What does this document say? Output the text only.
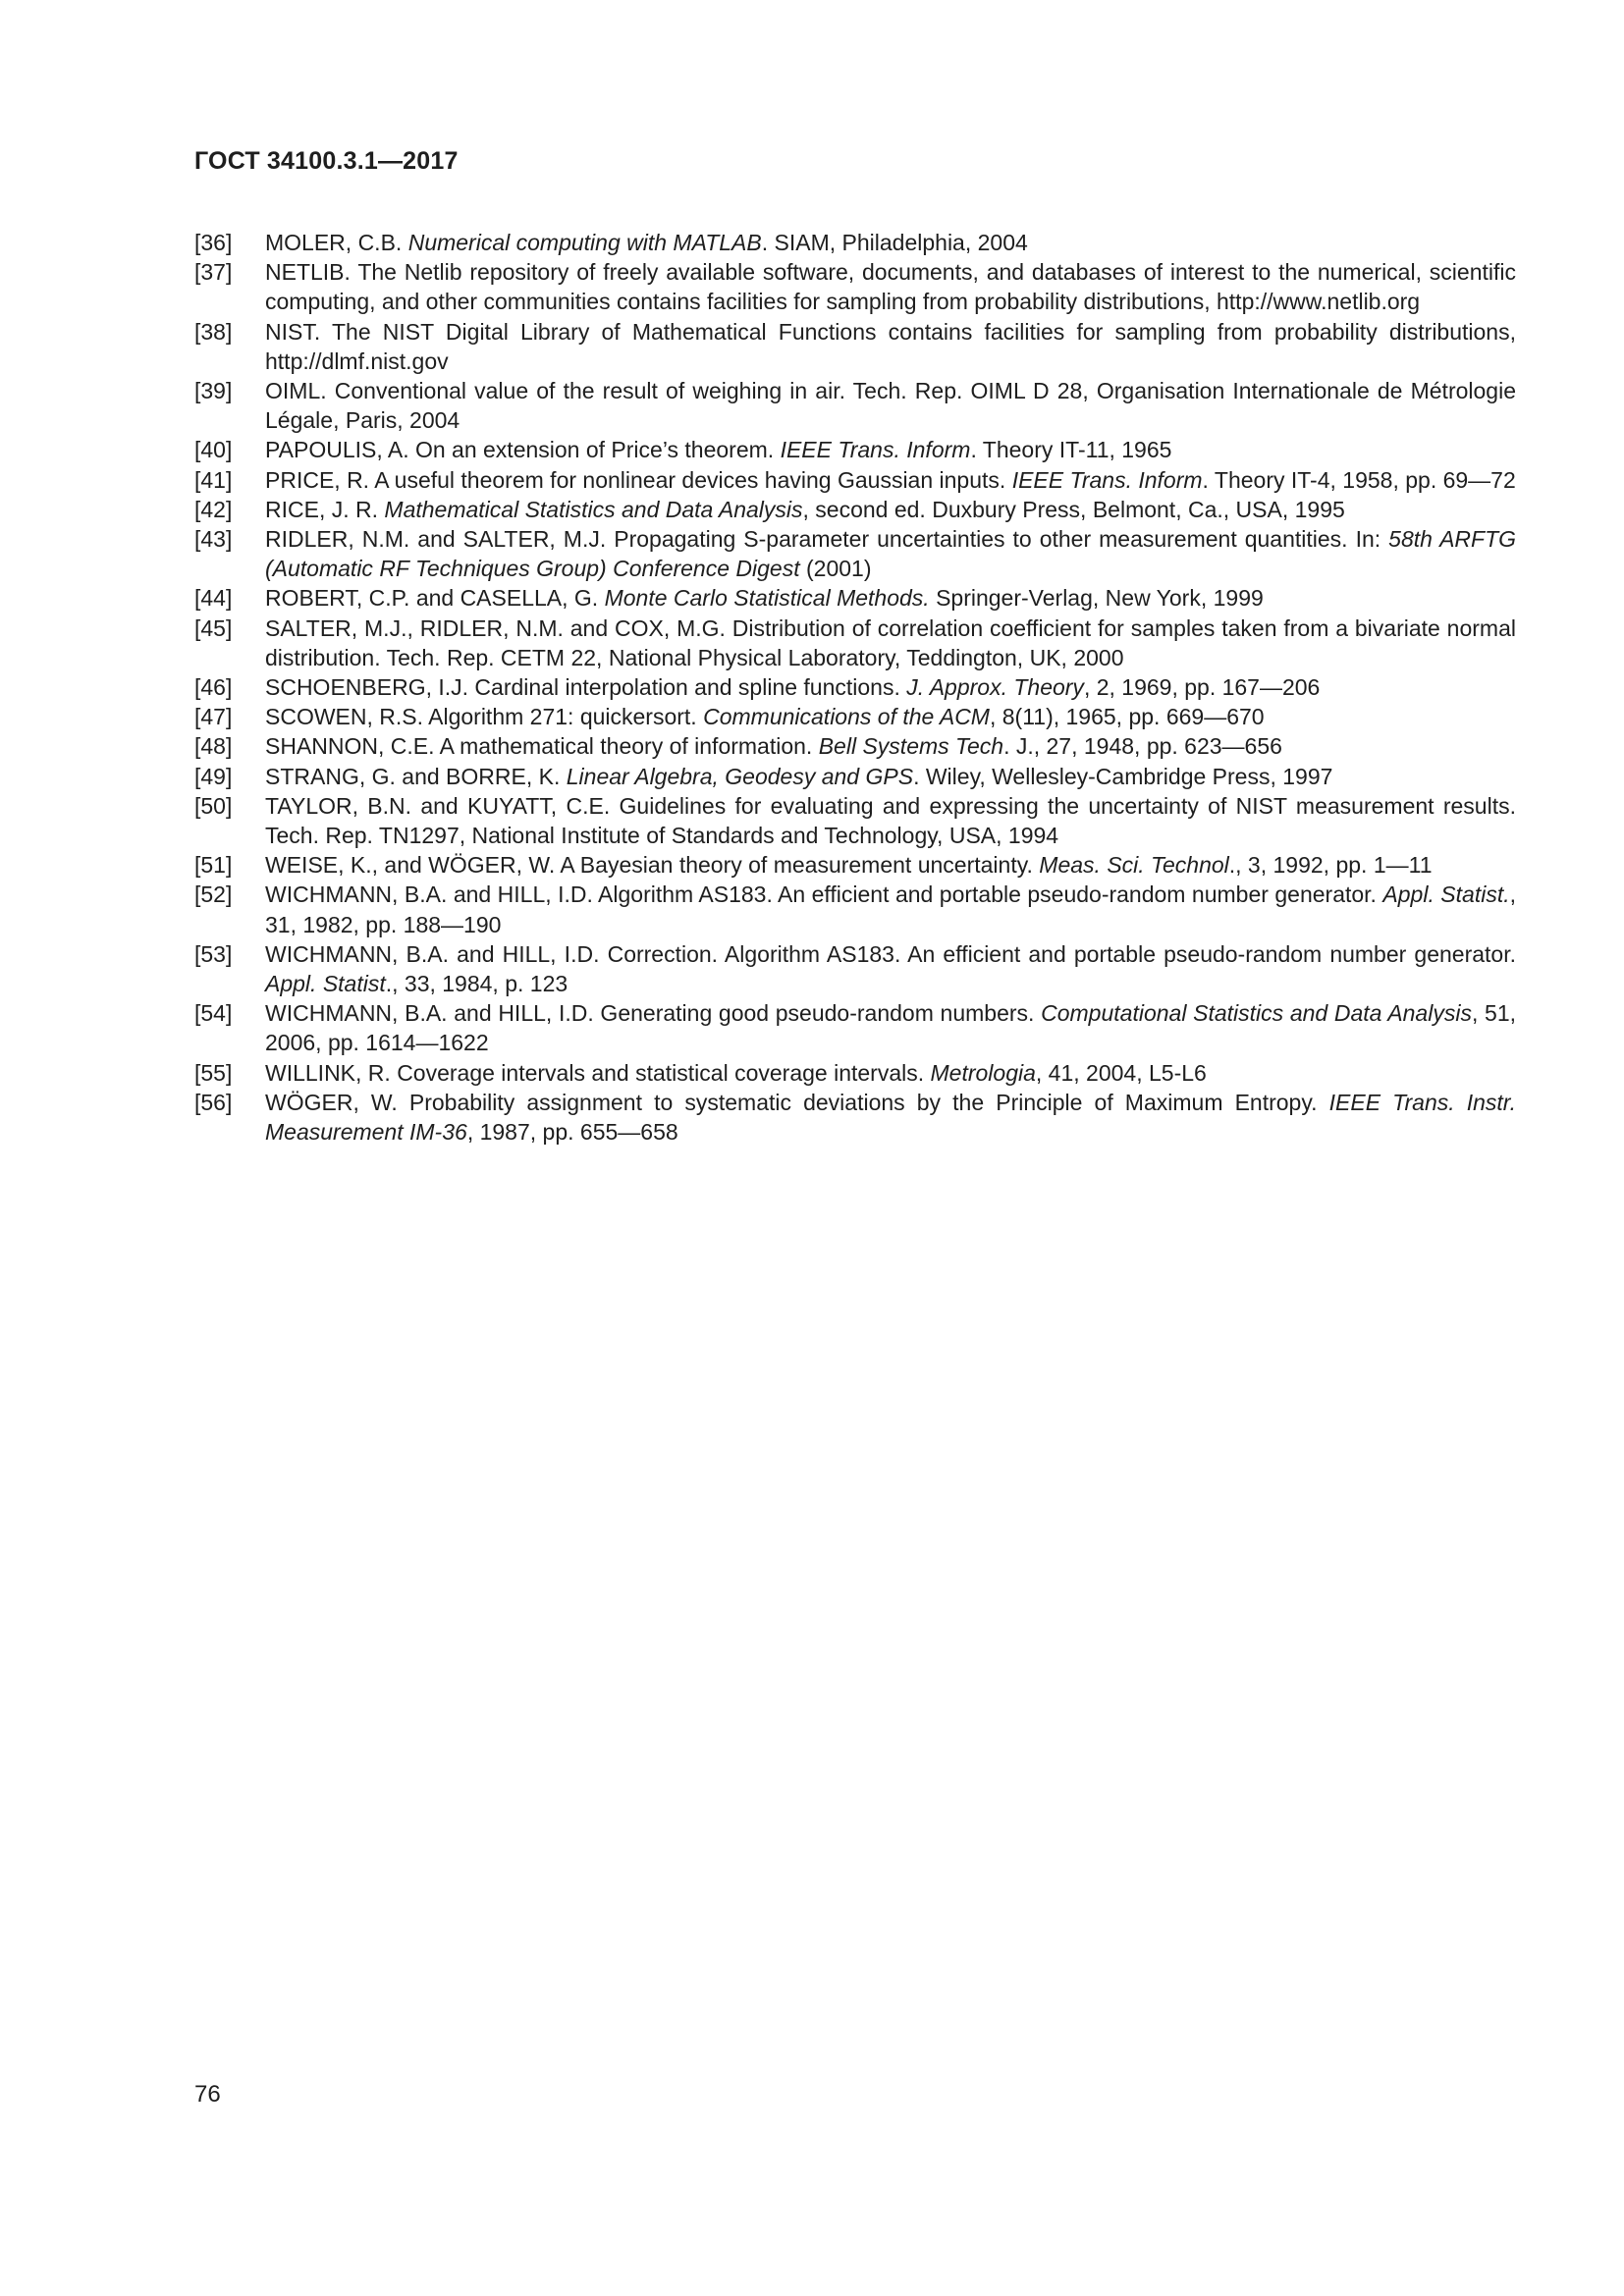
ГОСТ 34100.3.1—2017
[36]	MOLER, C.B. Numerical computing with MATLAB. SIAM, Philadelphia, 2004
[37]	NETLIB. The Netlib repository of freely available software, documents, and databases of interest to the numerical, scientific computing, and other communities contains facilities for sampling from probability distributions, http://www.netlib.org
[38]	NIST. The NIST Digital Library of Mathematical Functions contains facilities for sampling from probability distributions, http://dlmf.nist.gov
[39]	OIML. Conventional value of the result of weighing in air. Tech. Rep. OIML D 28, Organisation Internationale de Métrologie Légale, Paris, 2004
[40]	PAPOULIS, A. On an extension of Price’s theorem. IEEE Trans. Inform. Theory IT-11, 1965
[41]	PRICE, R. A useful theorem for nonlinear devices having Gaussian inputs. IEEE Trans. Inform. Theory IT-4, 1958, pp. 69—72
[42]	RICE, J. R. Mathematical Statistics and Data Analysis, second ed. Duxbury Press, Belmont, Ca., USA, 1995
[43]	RIDLER, N.M. and SALTER, M.J. Propagating S-parameter uncertainties to other measurement quantities. In: 58th ARFTG (Automatic RF Techniques Group) Conference Digest (2001)
[44]	ROBERT, C.P. and CASELLA, G. Monte Carlo Statistical Methods. Springer-Verlag, New York, 1999
[45]	SALTER, M.J., RIDLER, N.M. and COX, M.G. Distribution of correlation coefficient for samples taken from a bivariate normal distribution. Tech. Rep. CETM 22, National Physical Laboratory, Teddington, UK, 2000
[46]	SCHOENBERG, I.J. Cardinal interpolation and spline functions. J. Approx. Theory, 2, 1969, pp. 167—206
[47]	SCOWEN, R.S. Algorithm 271: quickersort. Communications of the ACM, 8(11), 1965, pp. 669—670
[48]	SHANNON, C.E. A mathematical theory of information. Bell Systems Tech. J., 27, 1948, pp. 623—656
[49]	STRANG, G. and BORRE, K. Linear Algebra, Geodesy and GPS. Wiley, Wellesley-Cambridge Press, 1997
[50]	TAYLOR, B.N. and KUYATT, C.E. Guidelines for evaluating and expressing the uncertainty of NIST measurement results. Tech. Rep. TN1297, National Institute of Standards and Technology, USA, 1994
[51]	WEISE, K., and WÖGER, W. A Bayesian theory of measurement uncertainty. Meas. Sci. Technol., 3, 1992, pp. 1—11
[52]	WICHMANN, B.A. and HILL, I.D. Algorithm AS183. An efficient and portable pseudo-random number generator. Appl. Statist., 31, 1982, pp. 188—190
[53]	WICHMANN, B.A. and HILL, I.D. Correction. Algorithm AS183. An efficient and portable pseudo-random number generator. Appl. Statist., 33, 1984, p. 123
[54]	WICHMANN, B.A. and HILL, I.D. Generating good pseudo-random numbers. Computational Statistics and Data Analysis, 51, 2006, pp. 1614—1622
[55]	WILLINK, R. Coverage intervals and statistical coverage intervals. Metrologia, 41, 2004, L5-L6
[56]	WÖGER, W. Probability assignment to systematic deviations by the Principle of Maximum Entropy. IEEE Trans. Instr. Measurement IM-36, 1987, pp. 655—658
76
